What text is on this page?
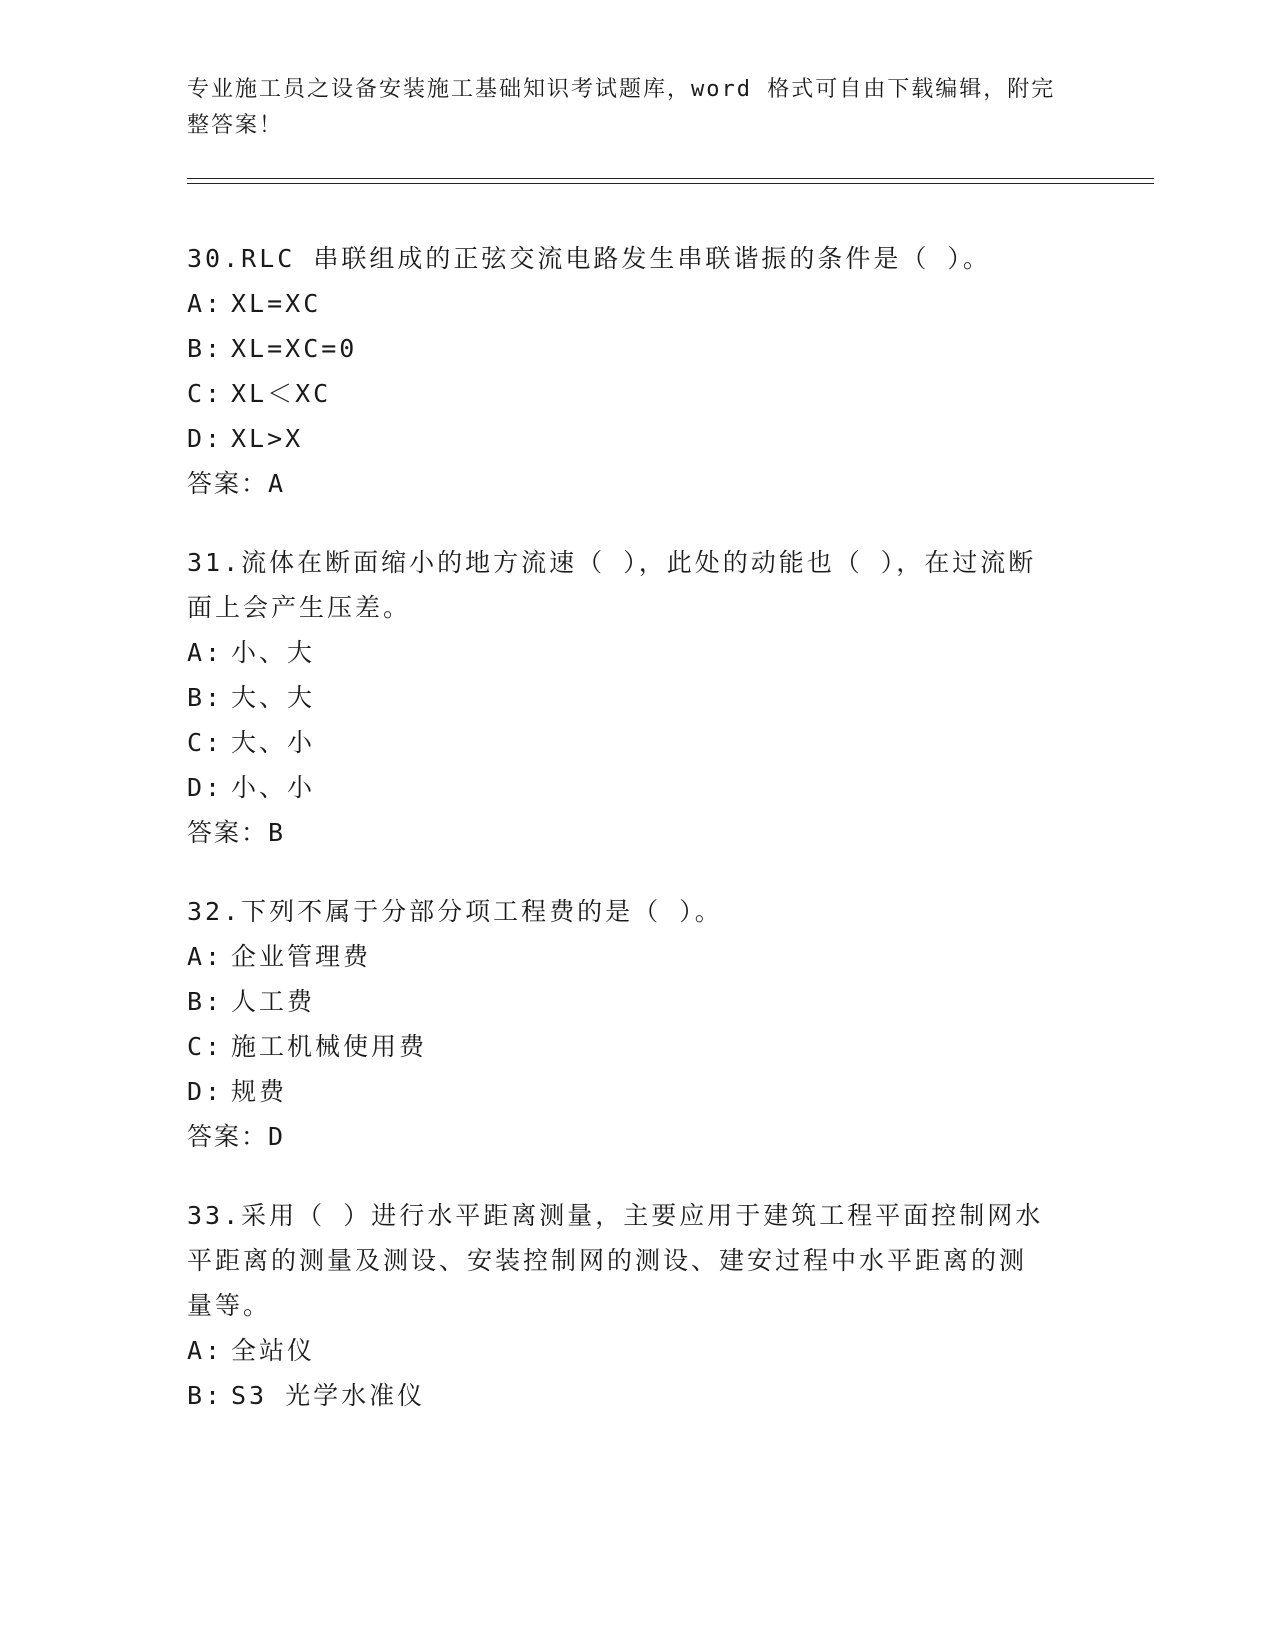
专业施工员之设备安装施工基础知识考试题库，word 格式可自由下载编辑，附完
整答案！
30.RLC 串联组成的正弦交流电路发生串联谐振的条件是（ ）。
A: XL=XC
B: XL=XC=0
C: XL＜XC
D: XL>X
答案：A
31.流体在断面缩小的地方流速（ ），此处的动能也（ ），在过流断
面上会产生压差。
A: 小、大
B: 大、大
C: 大、小
D: 小、小
答案：B
32.下列不属于分部分项工程费的是（ ）。
A: 企业管理费
B: 人工费
C: 施工机械使用费
D: 规费
答案：D
33.采用（ ）进行水平距离测量，主要应用于建筑工程平面控制网水
平距离的测量及测设、安装控制网的测设、建安过程中水平距离的测
量等。
A: 全站仪
B: S3 光学水准仪
